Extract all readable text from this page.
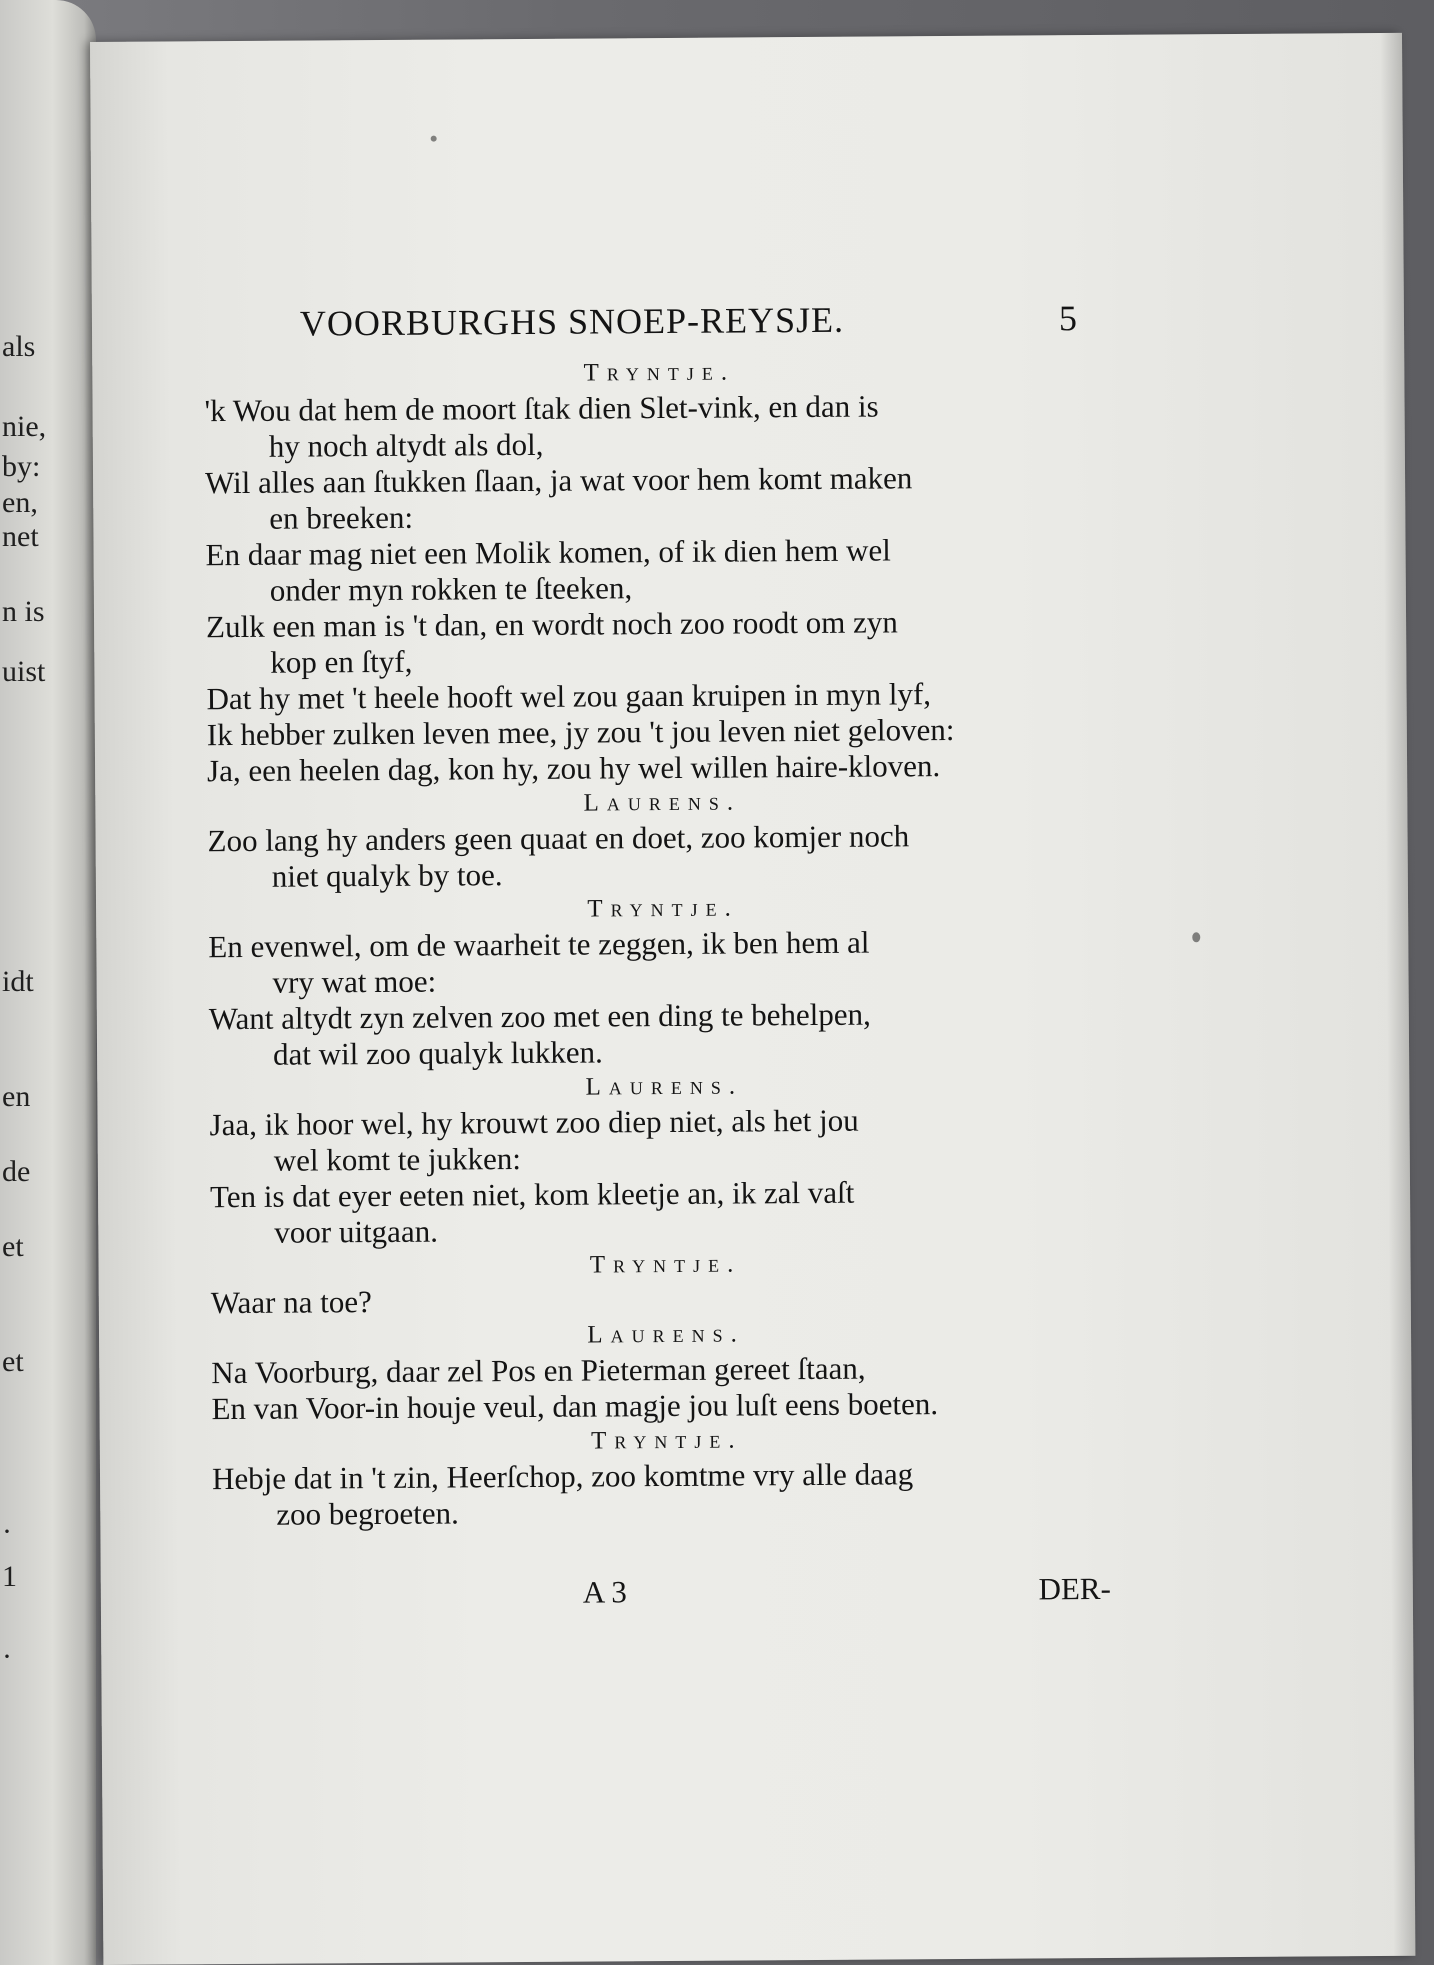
als
nie,
by:
en,
net
n is
uist
idt
en
de
et
et
·
1
·
VOORBURGHS SNOEP-REYSJE.	5
Tryntje.
'k Wou dat hem de moort ſtak dien Slet-vink, en dan is
hy noch altydt als dol,
Wil alles aan ſtukken ſlaan, ja wat voor hem komt maken
en breeken:
En daar mag niet een Molik komen, of ik dien hem wel
onder myn rokken te ſteeken,
Zulk een man is 't dan, en wordt noch zoo roodt om zyn
kop en ſtyf,
Dat hy met 't heele hooft wel zou gaan kruipen in myn lyf,
Ik hebber zulken leven mee, jy zou 't jou leven niet geloven:
Ja, een heelen dag, kon hy, zou hy wel willen haire-kloven.
Laurens.
Zoo lang hy anders geen quaat en doet, zoo komjer noch
niet qualyk by toe.
Tryntje.
En evenwel, om de waarheit te zeggen, ik ben hem al
vry wat moe:
Want altydt zyn zelven zoo met een ding te behelpen,
dat wil zoo qualyk lukken.
Laurens.
Jaa, ik hoor wel, hy krouwt zoo diep niet, als het jou
wel komt te jukken:
Ten is dat eyer eeten niet, kom kleetje an, ik zal vaſt
voor uitgaan.
Tryntje.
Waar na toe?
Laurens.
Na Voorburg, daar zel Pos en Pieterman gereet ſtaan,
En van Voor-in houje veul, dan magje jou luſt eens boeten.
Tryntje.
Hebje dat in 't zin, Heerſchop, zoo komtme vry alle daag
zoo begroeten.
A 3	DER-
